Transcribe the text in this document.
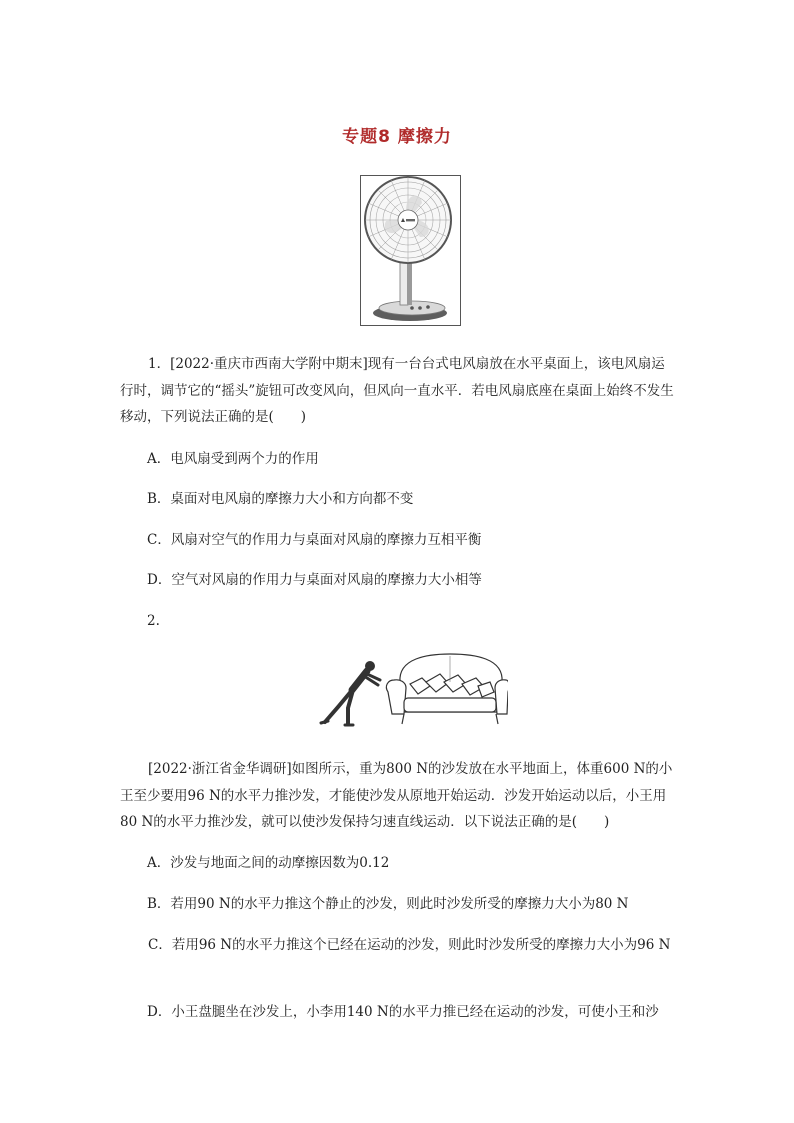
专题8 摩擦力
1．[2022·重庆市西南大学附中期末]现有一台台式电风扇放在水平桌面上，该电风扇运行时，调节它的“摇头”旋钮可改变风向，但风向一直水平．若电风扇底座在桌面上始终不发生移动，下列说法正确的是(　　)
A．电风扇受到两个力的作用
B．桌面对电风扇的摩擦力大小和方向都不变
C．风扇对空气的作用力与桌面对风扇的摩擦力互相平衡
D．空气对风扇的作用力与桌面对风扇的摩擦力大小相等
2.
[2022·浙江省金华调研]如图所示，重为800 N的沙发放在水平地面上，体重600 N的小王至少要用96 N的水平力推沙发，才能使沙发从原地开始运动．沙发开始运动以后，小王用80 N的水平力推沙发，就可以使沙发保持匀速直线运动．以下说法正确的是(　　)
A．沙发与地面之间的动摩擦因数为0.12
B．若用90 N的水平力推这个静止的沙发，则此时沙发所受的摩擦力大小为80 N
C．若用96 N的水平力推这个已经在运动的沙发，则此时沙发所受的摩擦力大小为96 N
D．小王盘腿坐在沙发上，小李用140 N的水平力推已经在运动的沙发，可使小王和沙
